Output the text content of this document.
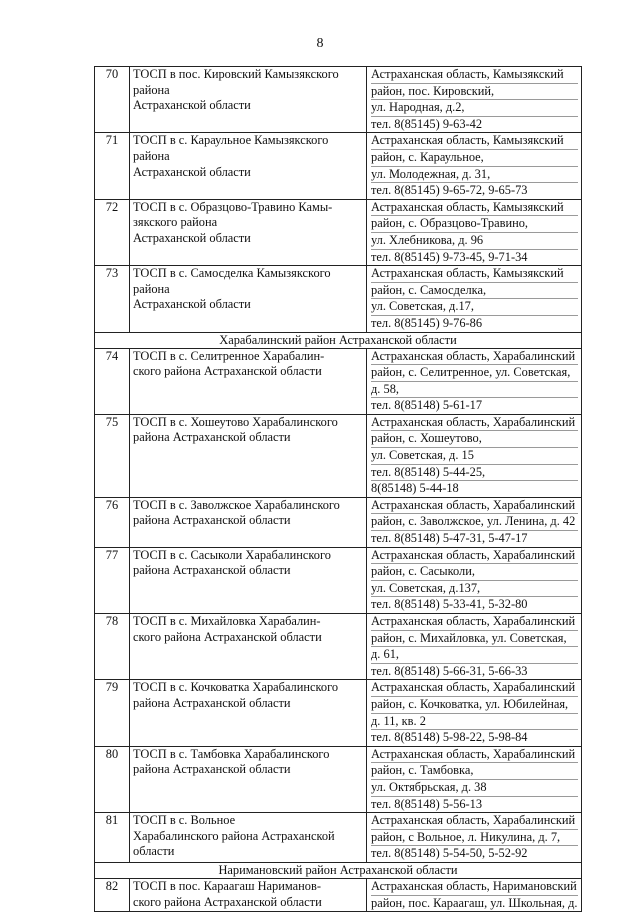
8
70	ТОСП в пос. Кировский Камызякского
района
Астраханской области	Астраханская область, Камызякский
район, пос. Кировский,
ул. Народная, д.2,
тел. 8(85145) 9-63-42

71	ТОСП в с. Караульное Камызякского
района
Астраханской области	Астраханская область, Камызякский
район, с. Караульное,
ул. Молодежная, д. 31,
тел. 8(85145) 9-65-72, 9-65-73

72	ТОСП в с. Образцово-Травино Камы-
зякского района
Астраханской области	Астраханская область, Камызякский
район, с. Образцово-Травино,
ул. Хлебникова, д. 96
тел. 8(85145) 9-73-45, 9-71-34

73	ТОСП в с. Самосделка Камызякского
района
Астраханской области	Астраханская область, Камызякский
район, с. Самосделка,
ул. Советская, д.17,
тел. 8(85145) 9-76-86

Харабалинский район Астраханской области		
74	ТОСП в с. Селитренное Харабалин-
ского района Астраханской области	Астраханская область, Харабалинский
район, с. Селитренное, ул. Советская,
д. 58,
тел. 8(85148) 5-61-17

75	ТОСП в с. Хошеутово Харабалинского
района Астраханской области	Астраханская область, Харабалинский
район, с. Хошеутово,
ул. Советская, д. 15
тел. 8(85148) 5-44-25,
8(85148) 5-44-18

76	ТОСП в с. Заволжское Харабалинского
района Астраханской области	Астраханская область, Харабалинский
район, с. Заволжское, ул. Ленина, д. 42
тел. 8(85148) 5-47-31, 5-47-17

77	ТОСП в с. Сасыколи Харабалинского
района Астраханской области	Астраханская область, Харабалинский
район, с. Сасыколи,
ул. Советская, д.137,
тел. 8(85148) 5-33-41, 5-32-80

78	ТОСП в с. Михайловка Харабалин-
ского района Астраханской области	Астраханская область, Харабалинский
район, с. Михайловка, ул. Советская,
д. 61,
тел. 8(85148) 5-66-31, 5-66-33

79	ТОСП в с. Кочковатка Харабалинского
района Астраханской области	Астраханская область, Харабалинский
район, с. Кочковатка, ул. Юбилейная,
д. 11, кв. 2
тел. 8(85148) 5-98-22, 5-98-84

80	ТОСП в с. Тамбовка Харабалинского
района Астраханской области	Астраханская область, Харабалинский
район, с. Тамбовка,
ул. Октябрьская, д. 38
тел. 8(85148) 5-56-13

81	ТОСП в с. Вольное
Харабалинского района Астраханской
области	Астраханская область, Харабалинский
район, с Вольное, л. Никулина, д. 7,
тел. 8(85148) 5-54-50, 5-52-92

Наримановский район Астраханской области		
82	ТОСП в пос. Караагаш Нариманов-
ского района Астраханской области	Астраханская область, Наримановский
район, пос. Караагаш, ул. Школьная, д.
